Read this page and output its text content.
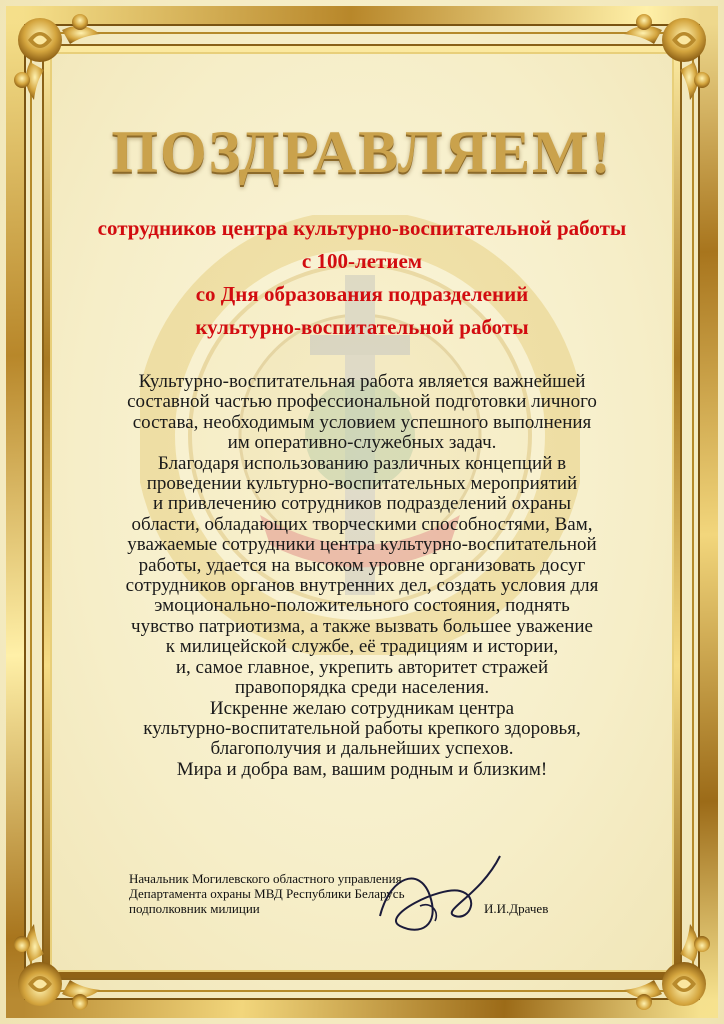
ПОЗДРАВЛЯЕМ!
сотрудников центра культурно-воспитательной работы
с 100-летием
со Дня образования подразделений
культурно-воспитательной работы

Культурно-воспитательная работа является важнейшей

составной частью профессиональной подготовки личного

состава, необходимым условием успешного выполнения

им оперативно-служебных задач.

Благодаря использованию различных концепций в

проведении культурно-воспитательных мероприятий

и привлечению сотрудников подразделений охраны

области, обладающих творческими способностями, Вам,

уважаемые сотрудники центра культурно-воспитательной

работы, удается на высоком уровне организовать досуг

сотрудников органов внутренних дел, создать условия для

эмоционально-положительного состояния, поднять

чувство патриотизма, а также вызвать большее уважение

к милицейской службе, её традициям и истории,

и, самое главное, укрепить авторитет стражей

правопорядка среди населения.

Искренне желаю сотрудникам центра

культурно-воспитательной работы крепкого здоровья,

благополучия и дальнейших успехов.

Мира и добра вам, вашим родным и близким!

Начальник Могилевского областного управления
Департамента охраны МВД Республики Беларусь
подполковник милиции	И.И.Драчев
